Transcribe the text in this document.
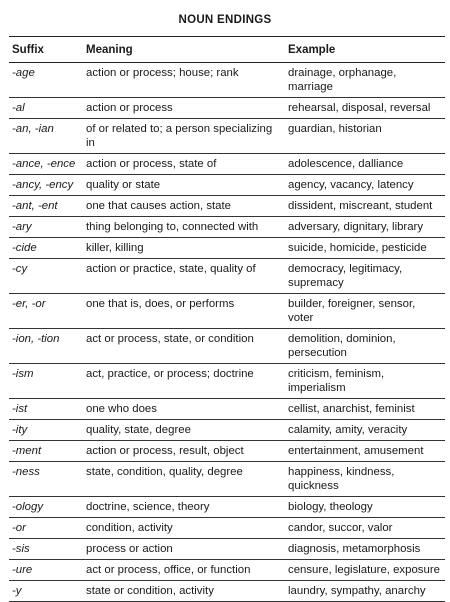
NOUN ENDINGS
Suffix	Meaning	Example
-age	action or process; house; rank	drainage, orphanage, marriage
-al	action or process	rehearsal, disposal, reversal
-an, -ian	of or related to; a person specializing in	guardian, historian
-ance, -ence	action or process, state of	adolescence, dalliance
-ancy, -ency	quality or state	agency, vacancy, latency
-ant, -ent	one that causes action, state	dissident, miscreant, student
-ary	thing belonging to, connected with	adversary, dignitary, library
-cide	killer, killing	suicide, homicide, pesticide
-cy	action or practice, state, quality of	democracy, legitimacy, supremacy
-er, -or	one that is, does, or performs	builder, foreigner, sensor, voter
-ion, -tion	act or process, state, or condition	demolition, dominion, persecution
-ism	act, practice, or process; doctrine	criticism, feminism, imperialism
-ist	one who does	cellist, anarchist, feminist
-ity	quality, state, degree	calamity, amity, veracity
-ment	action or process, result, object	entertainment, amusement
-ness	state, condition, quality, degree	happiness, kindness, quickness
-ology	doctrine, science, theory	biology, theology
-or	condition, activity	candor, succor, valor
-sis	process or action	diagnosis, metamorphosis
-ure	act or process, office, or function	censure, legislature, exposure
-y	state or condition, activity	laundry, sympathy, anarchy
